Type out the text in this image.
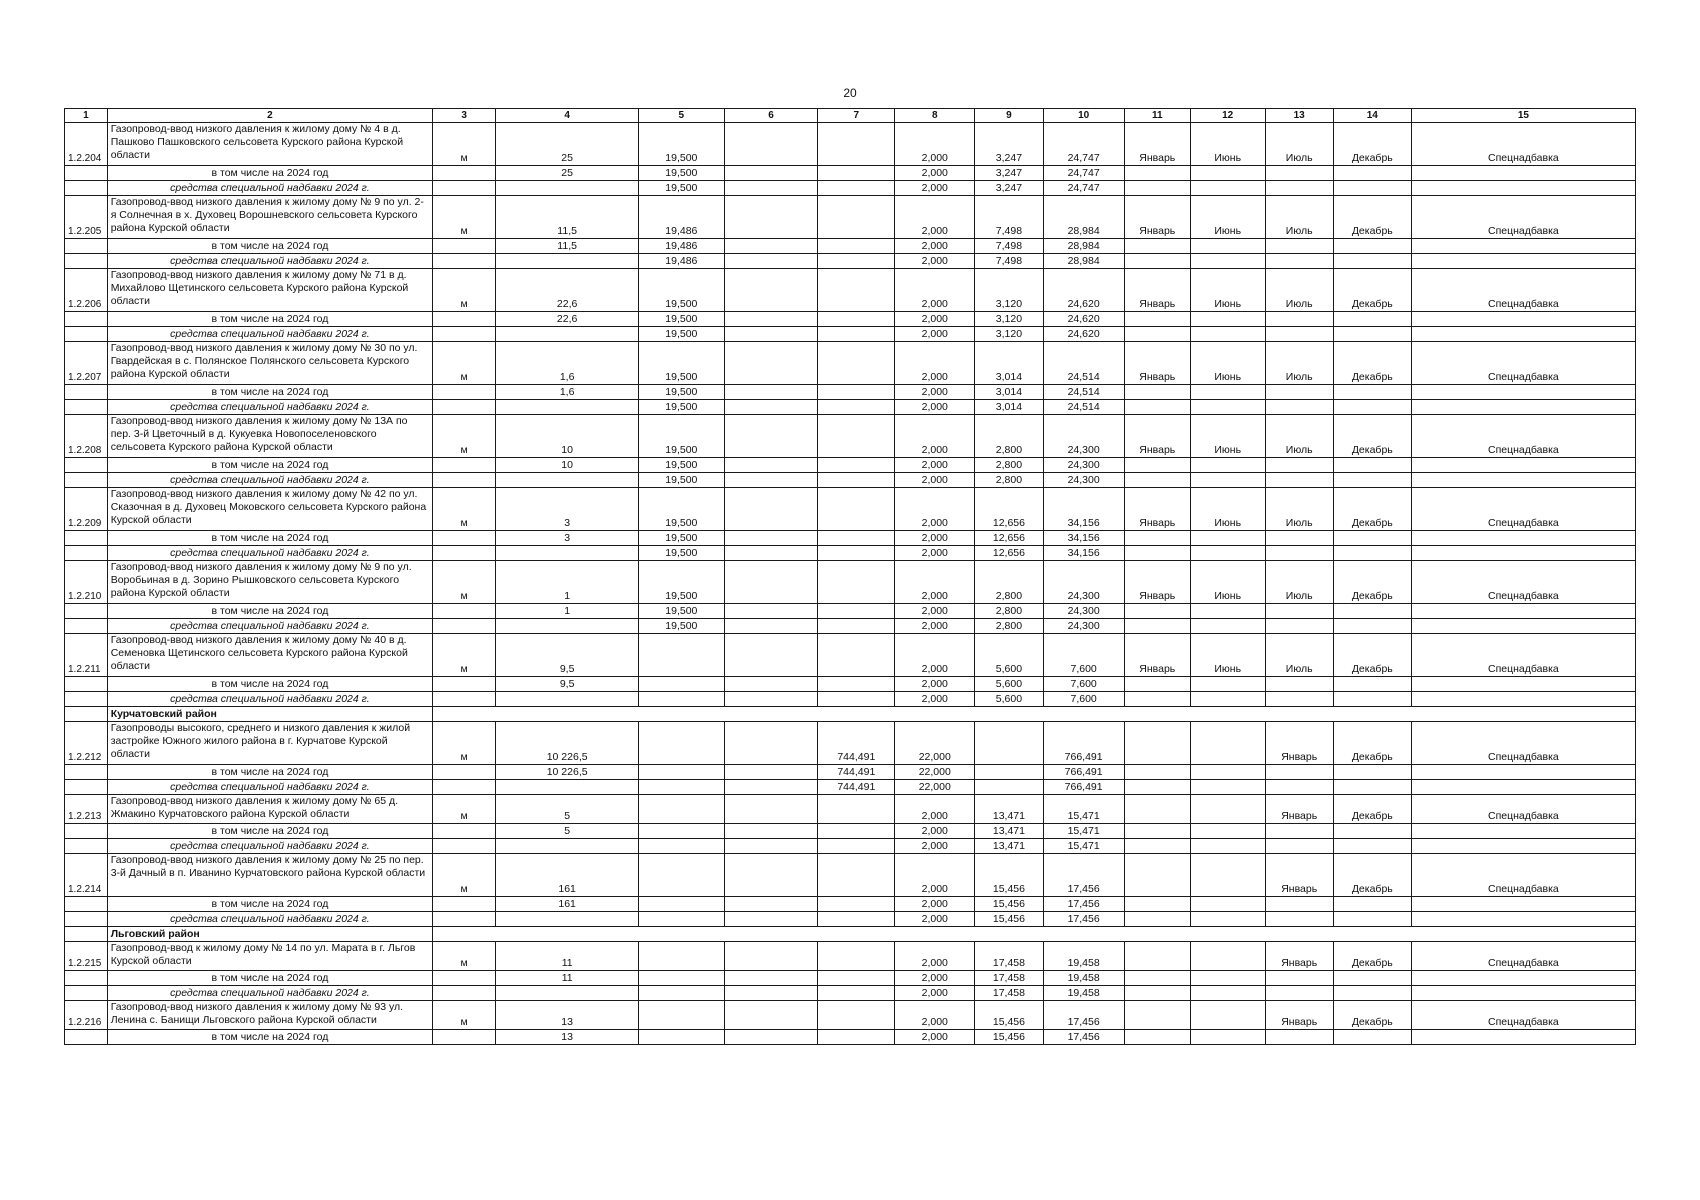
20
1	2	3	4	5	6	7	8	9	10	11	12	13	14	15
1.2.204	Газопровод-ввод низкого давления к жилому дому № 4 в д. Пашково Пашковского сельсовета Курского района Курской области	м	25	19,500			2,000	3,247	24,747	Январь	Июнь	Июль	Декабрь	Спецнадбавка
	в том числе на 2024 год		25	19,500			2,000	3,247	24,747					
	средства специальной надбавки 2024 г.			19,500			2,000	3,247	24,747					
1.2.205	Газопровод-ввод низкого давления к жилому дому № 9 по ул. 2-я Солнечная в х. Духовец Ворошневского сельсовета Курского района Курской области	м	11,5	19,486			2,000	7,498	28,984	Январь	Июнь	Июль	Декабрь	Спецнадбавка
	в том числе на 2024 год		11,5	19,486			2,000	7,498	28,984					
	средства специальной надбавки 2024 г.			19,486			2,000	7,498	28,984					
1.2.206	Газопровод-ввод низкого давления к жилому дому № 71 в д. Михайлово Щетинского сельсовета Курского района Курской области	м	22,6	19,500			2,000	3,120	24,620	Январь	Июнь	Июль	Декабрь	Спецнадбавка
	в том числе на 2024 год		22,6	19,500			2,000	3,120	24,620					
	средства специальной надбавки 2024 г.			19,500			2,000	3,120	24,620					
1.2.207	Газопровод-ввод низкого давления к жилому дому № 30 по ул. Гвардейская в с. Полянское Полянского сельсовета Курского района Курской области	м	1,6	19,500			2,000	3,014	24,514	Январь	Июнь	Июль	Декабрь	Спецнадбавка
	в том числе на 2024 год		1,6	19,500			2,000	3,014	24,514					
	средства специальной надбавки 2024 г.			19,500			2,000	3,014	24,514					
1.2.208	Газопровод-ввод низкого давления к жилому дому № 13А по пер. 3-й Цветочный в д. Кукуевка Новопоселеновского сельсовета Курского района Курской области	м	10	19,500			2,000	2,800	24,300	Январь	Июнь	Июль	Декабрь	Спецнадбавка
	в том числе на 2024 год		10	19,500			2,000	2,800	24,300					
	средства специальной надбавки 2024 г.			19,500			2,000	2,800	24,300					
1.2.209	Газопровод-ввод низкого давления к жилому дому № 42 по ул. Сказочная в д. Духовец Моковского сельсовета Курского района Курской области	м	3	19,500			2,000	12,656	34,156	Январь	Июнь	Июль	Декабрь	Спецнадбавка
	в том числе на 2024 год		3	19,500			2,000	12,656	34,156					
	средства специальной надбавки 2024 г.			19,500			2,000	12,656	34,156					
1.2.210	Газопровод-ввод низкого давления к жилому дому № 9 по ул. Воробьиная в д. Зорино Рышковского сельсовета Курского района Курской области	м	1	19,500			2,000	2,800	24,300	Январь	Июнь	Июль	Декабрь	Спецнадбавка
	в том числе на 2024 год		1	19,500			2,000	2,800	24,300					
	средства специальной надбавки 2024 г.			19,500			2,000	2,800	24,300					
1.2.211	Газопровод-ввод низкого давления к жилому дому № 40 в д. Семеновка Щетинского сельсовета Курского района Курской области	м	9,5				2,000	5,600	7,600	Январь	Июнь	Июль	Декабрь	Спецнадбавка
	в том числе на 2024 год		9,5				2,000	5,600	7,600					
	средства специальной надбавки 2024 г.						2,000	5,600	7,600					
	Курчатовский район													
1.2.212	Газопроводы высокого, среднего и низкого давления к жилой застройке Южного жилого района в г. Курчатове Курской области	м	10 226,5			744,491	22,000		766,491			Январь	Декабрь	Спецнадбавка
	в том числе на 2024 год		10 226,5			744,491	22,000		766,491					
	средства специальной надбавки 2024 г.					744,491	22,000		766,491					
1.2.213	Газопровод-ввод низкого давления к жилому дому № 65 д. Жмакино Курчатовского района Курской области	м	5				2,000	13,471	15,471			Январь	Декабрь	Спецнадбавка
	в том числе на 2024 год		5				2,000	13,471	15,471					
	средства специальной надбавки 2024 г.						2,000	13,471	15,471					
1.2.214	Газопровод-ввод низкого давления к жилому дому № 25 по пер. 3-й Дачный в п. Иванино Курчатовского района Курской области	м	161				2,000	15,456	17,456			Январь	Декабрь	Спецнадбавка
	в том числе на 2024 год		161				2,000	15,456	17,456					
	средства специальной надбавки 2024 г.						2,000	15,456	17,456					
	Льговский район													
1.2.215	Газопровод-ввод к жилому дому № 14 по ул. Марата в г. Льгов Курской области	м	11				2,000	17,458	19,458			Январь	Декабрь	Спецнадбавка
	в том числе на 2024 год		11				2,000	17,458	19,458					
	средства специальной надбавки 2024 г.						2,000	17,458	19,458					
1.2.216	Газопровод-ввод низкого давления к жилому дому № 93 ул. Ленина с. Банищи Льговского района Курской области	м	13				2,000	15,456	17,456			Январь	Декабрь	Спецнадбавка
	в том числе на 2024 год		13				2,000	15,456	17,456					
